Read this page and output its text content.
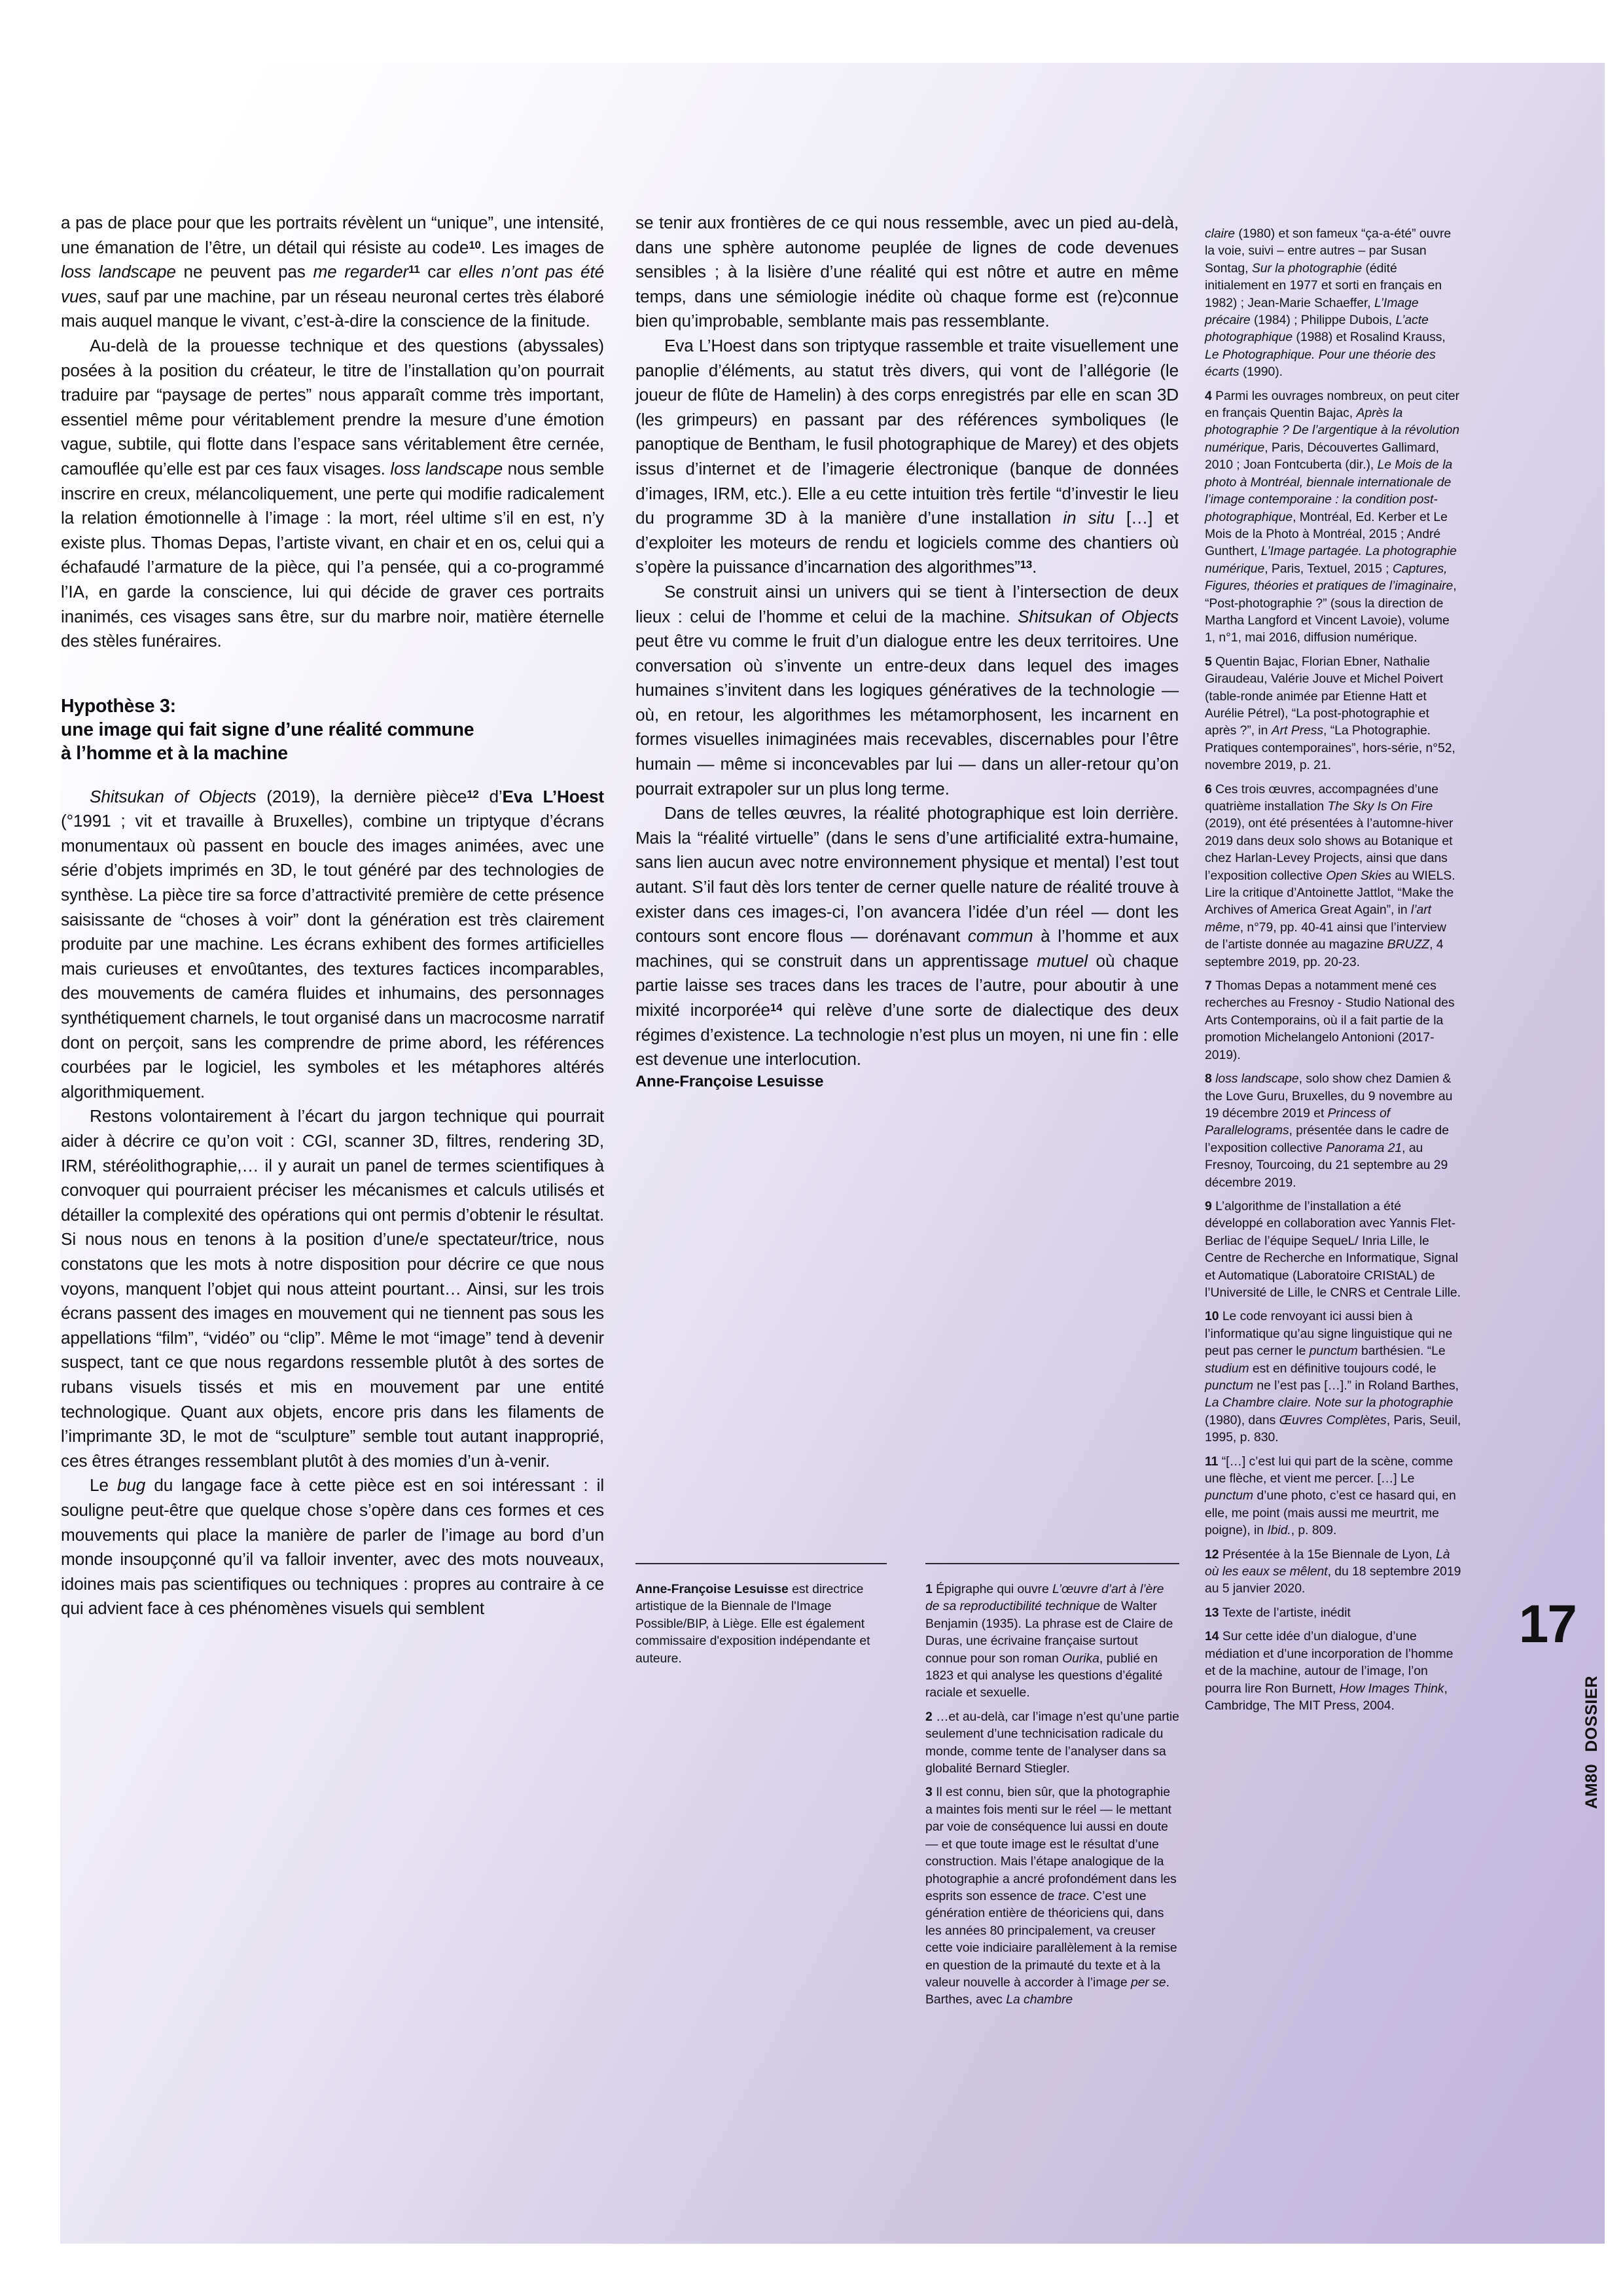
a pas de place pour que les portraits révèlent un “unique”, une intensité, une émanation de l’être, un détail qui résiste au code$^{10}$. Les images de loss landscape ne peuvent pas me regarder$^{11}$ car elles n’ont pas été vues, sauf par une machine, par un réseau neuronal certes très élaboré mais auquel manque le vivant, c’est-à-dire la conscience de la finitude.

Au-delà de la prouesse technique et des questions (abyssales) posées à la position du créateur, le titre de l’installation qu’on pourrait traduire par “paysage de pertes” nous apparaît comme très important, essentiel même pour véritablement prendre la mesure d’une émotion vague, subtile, qui flotte dans l’espace sans véritablement être cernée, camouflée qu’elle est par ces faux visages. loss landscape nous semble inscrire en creux, mélancoliquement, une perte qui modifie radicalement la relation émotionnelle à l’image : la mort, réel ultime s’il en est, n’y existe plus. Thomas Depas, l’artiste vivant, en chair et en os, celui qui a échafaudé l’armature de la pièce, qui l’a pensée, qui a co-programmé l’IA, en garde la conscience, lui qui décide de graver ces portraits inanimés, ces visages sans être, sur du marbre noir, matière éternelle des stèles funéraires.

Hypothèse 3:
une image qui fait signe d’une réalité commune
à l’homme et à la machine

Shitsukan of Objects (2019), la dernière pièce$^{12}$ d’Eva L’Hoest (°1991 ; vit et travaille à Bruxelles), combine un triptyque d’écrans monumentaux où passent en boucle des images animées, avec une série d’objets imprimés en 3D, le tout généré par des technologies de synthèse. La pièce tire sa force d’attractivité première de cette présence saisissante de “choses à voir” dont la génération est très clairement produite par une machine. Les écrans exhibent des formes artificielles mais curieuses et envoûtantes, des textures factices incomparables, des mouvements de caméra fluides et inhumains, des personnages synthétiquement charnels, le tout organisé dans un macrocosme narratif dont on perçoit, sans les comprendre de prime abord, les références courbées par le logiciel, les symboles et les métaphores altérés algorithmiquement.

Restons volontairement à l’écart du jargon technique qui pourrait aider à décrire ce qu’on voit : CGI, scanner 3D, filtres, rendering 3D, IRM, stéréolithographie,… il y aurait un panel de termes scientifiques à convoquer qui pourraient préciser les mécanismes et calculs utilisés et détailler la complexité des opérations qui ont permis d’obtenir le résultat. Si nous nous en tenons à la position d’une/e spectateur/trice, nous constatons que les mots à notre disposition pour décrire ce que nous voyons, manquent l’objet qui nous atteint pourtant… Ainsi, sur les trois écrans passent des images en mouvement qui ne tiennent pas sous les appellations “film”, “vidéo” ou “clip”. Même le mot “image” tend à devenir suspect, tant ce que nous regardons ressemble plutôt à des sortes de rubans visuels tissés et mis en mouvement par une entité technologique. Quant aux objets, encore pris dans les filaments de l’imprimante 3D, le mot de “sculpture” semble tout autant inapproprié, ces êtres étranges ressemblant plutôt à des momies d’un à-venir.

Le bug du langage face à cette pièce est en soi intéressant : il souligne peut-être que quelque chose s’opère dans ces formes et ces mouvements qui place la manière de parler de l’image au bord d’un monde insoupçonné qu’il va falloir inventer, avec des mots nouveaux, idoines mais pas scientifiques ou techniques : propres au contraire à ce qui advient face à ces phénomènes visuels qui semblent

se tenir aux frontières de ce qui nous ressemble, avec un pied au-delà, dans une sphère autonome peuplée de lignes de code devenues sensibles ; à la lisière d’une réalité qui est nôtre et autre en même temps, dans une sémiologie inédite où chaque forme est (re)connue bien qu’improbable, semblante mais pas ressemblante.

Eva L’Hoest dans son triptyque rassemble et traite visuellement une panoplie d’éléments, au statut très divers, qui vont de l’allégorie (le joueur de flûte de Hamelin) à des corps enregistrés par elle en scan 3D (les grimpeurs) en passant par des références symboliques (le panoptique de Bentham, le fusil photographique de Marey) et des objets issus d’internet et de l’imagerie électronique (banque de données d’images, IRM, etc.). Elle a eu cette intuition très fertile “d’investir le lieu du programme 3D à la manière d’une installation in situ […] et d’exploiter les moteurs de rendu et logiciels comme des chantiers où s’opère la puissance d’incarnation des algorithmes”$^{13}$.

Se construit ainsi un univers qui se tient à l’intersection de deux lieux : celui de l’homme et celui de la machine. Shitsukan of Objects peut être vu comme le fruit d’un dialogue entre les deux territoires. Une conversation où s’invente un entre-deux dans lequel des images humaines s’invitent dans les logiques génératives de la technologie — où, en retour, les algorithmes les métamorphosent, les incarnent en formes visuelles inimaginées mais recevables, discernables pour l’être humain — même si inconcevables par lui — dans un aller-retour qu’on pourrait extrapoler sur un plus long terme.

Dans de telles œuvres, la réalité photographique est loin derrière. Mais la “réalité virtuelle” (dans le sens d’une artificialité extra-humaine, sans lien aucun avec notre environnement physique et mental) l’est tout autant. S’il faut dès lors tenter de cerner quelle nature de réalité trouve à exister dans ces images-ci, l’on avancera l’idée d’un réel — dont les contours sont encore flous — dorénavant commun à l’homme et aux machines, qui se construit dans un apprentissage mutuel où chaque partie laisse ses traces dans les traces de l’autre, pour aboutir à une mixité incorporée$^{14}$ qui relève d’une sorte de dialectique des deux régimes d’existence. La technologie n’est plus un moyen, ni une fin : elle est devenue une interlocution.

Anne-Françoise Lesuisse

Anne-Françoise Lesuisse est directrice artistique de la Biennale de l'Image Possible/BIP, à Liège. Elle est également commissaire d'exposition indépendante et auteure.

1 Épigraphe qui ouvre L’œuvre d’art à l’ère de sa reproductibilité technique de Walter Benjamin (1935). La phrase est de Claire de Duras, une écrivaine française surtout connue pour son roman Ourika, publié en 1823 et qui analyse les questions d’égalité raciale et sexuelle.

2 …et au-delà, car l’image n’est qu’une partie seulement d’une technicisation radicale du monde, comme tente de l’analyser dans sa globalité Bernard Stiegler.

3 Il est connu, bien sûr, que la photographie a maintes fois menti sur le réel — le mettant par voie de conséquence lui aussi en doute — et que toute image est le résultat d’une construction. Mais l’étape analogique de la photographie a ancré profondément dans les esprits son essence de trace. C’est une génération entière de théoriciens qui, dans les années 80 principalement, va creuser cette voie indiciaire parallèlement à la remise en question de la primauté du texte et à la valeur nouvelle à accorder à l’image per se. Barthes, avec La chambre

claire (1980) et son fameux “ça-a-été” ouvre la voie, suivi – entre autres – par Susan Sontag, Sur la photographie (édité initialement en 1977 et sorti en français en 1982) ; Jean-Marie Schaeffer, L’Image précaire (1984) ; Philippe Dubois, L’acte photographique (1988) et Rosalind Krauss, Le Photographique. Pour une théorie des écarts (1990).

4 Parmi les ouvrages nombreux, on peut citer en français Quentin Bajac, Après la photographie ? De l’argentique à la révolution numérique, Paris, Découvertes Gallimard, 2010 ; Joan Fontcuberta (dir.), Le Mois de la photo à Montréal, biennale internationale de l’image contemporaine : la condition post-photographique, Montréal, Ed. Kerber et Le Mois de la Photo à Montréal, 2015 ; André Gunthert, L’Image partagée. La photographie numérique, Paris, Textuel, 2015 ; Captures, Figures, théories et pratiques de l’imaginaire, “Post-photographie ?” (sous la direction de Martha Langford et Vincent Lavoie), volume 1, n°1, mai 2016, diffusion numérique.

5 Quentin Bajac, Florian Ebner, Nathalie Giraudeau, Valérie Jouve et Michel Poivert (table-ronde animée par Etienne Hatt et Aurélie Pétrel), “La post-photographie et après ?”, in Art Press, “La Photographie. Pratiques contemporaines”, hors-série, n°52, novembre 2019, p. 21.

6 Ces trois œuvres, accompagnées d’une quatrième installation The Sky Is On Fire (2019), ont été présentées à l’automne-hiver 2019 dans deux solo shows au Botanique et chez Harlan-Levey Projects, ainsi que dans l’exposition collective Open Skies au WIELS. Lire la critique d’Antoinette Jattlot, “Make the Archives of America Great Again”, in l’art même, n°79, pp. 40-41 ainsi que l’interview de l’artiste donnée au magazine BRUZZ, 4 septembre 2019, pp. 20-23.

7 Thomas Depas a notamment mené ces recherches au Fresnoy - Studio National des Arts Contemporains, où il a fait partie de la promotion Michelangelo Antonioni (2017-2019).

8 loss landscape, solo show chez Damien & the Love Guru, Bruxelles, du 9 novembre au 19 décembre 2019 et Princess of Parallelograms, présentée dans le cadre de l’exposition collective Panorama 21, au Fresnoy, Tourcoing, du 21 septembre au 29 décembre 2019.

9 L’algorithme de l’installation a été développé en collaboration avec Yannis Flet-Berliac de l’équipe SequeL/ Inria Lille, le Centre de Recherche en Informatique, Signal et Automatique (Laboratoire CRIStAL) de l’Université de Lille, le CNRS et Centrale Lille.

10 Le code renvoyant ici aussi bien à l’informatique qu’au signe linguistique qui ne peut pas cerner le punctum barthésien. “Le studium est en définitive toujours codé, le punctum ne l’est pas […].” in Roland Barthes, La Chambre claire. Note sur la photographie (1980), dans Œuvres Complètes, Paris, Seuil, 1995, p. 830.

11 “[…] c’est lui qui part de la scène, comme une flèche, et vient me percer. […] Le punctum d’une photo, c’est ce hasard qui, en elle, me point (mais aussi me meurtrit, me poigne), in Ibid., p. 809.

12 Présentée à la 15e Biennale de Lyon, Là où les eaux se mêlent, du 18 septembre 2019 au 5 janvier 2020.

13 Texte de l’artiste, inédit

14 Sur cette idée d’un dialogue, d’une médiation et d’une incorporation de l’homme et de la machine, autour de l’image, l’on pourra lire Ron Burnett, How Images Think, Cambridge, The MIT Press, 2004.

17
AM80DOSSIER
